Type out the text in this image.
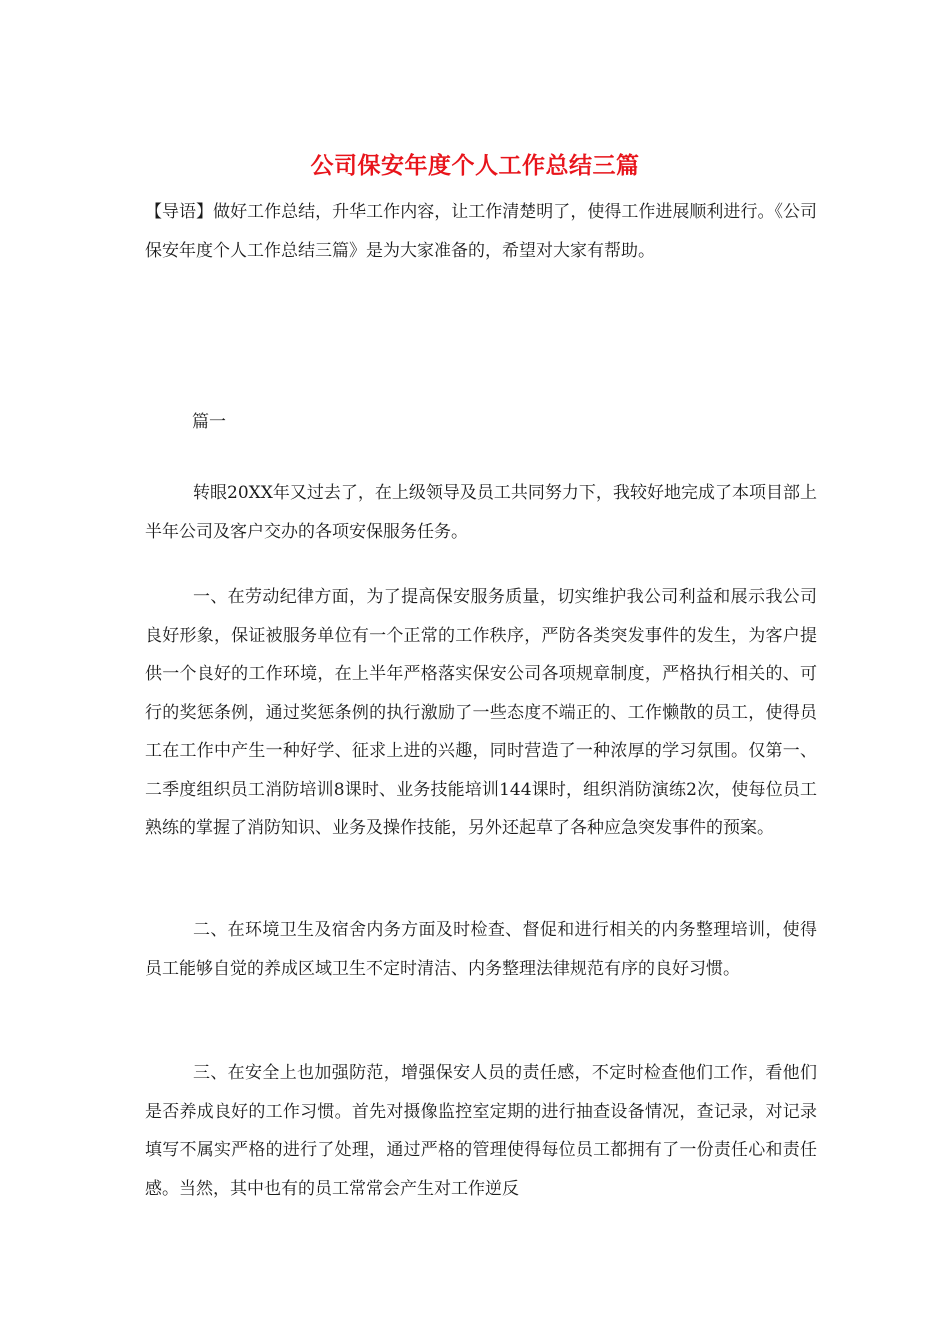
公司保安年度个人工作总结三篇

【导语】做好工作总结，升华工作内容，让工作清楚明了，使得工作进展顺利进行。《公司保安年度个人工作总结三篇》是为大家准备的，希望对大家有帮助。

篇一

转眼20XX年又过去了，在上级领导及员工共同努力下，我较好地完成了本项目部上半年公司及客户交办的各项安保服务任务。

一、在劳动纪律方面，为了提高保安服务质量，切实维护我公司利益和展示我公司良好形象，保证被服务单位有一个正常的工作秩序，严防各类突发事件的发生，为客户提供一个良好的工作环境，在上半年严格落实保安公司各项规章制度，严格执行相关的、可行的奖惩条例，通过奖惩条例的执行激励了一些态度不端正的、工作懒散的员工，使得员工在工作中产生一种好学、征求上进的兴趣，同时营造了一种浓厚的学习氛围。仅第一、二季度组织员工消防培训8课时、业务技能培训144课时，组织消防演练2次，使每位员工熟练的掌握了消防知识、业务及操作技能，另外还起草了各种应急突发事件的预案。

二、在环境卫生及宿舍内务方面及时检查、督促和进行相关的内务整理培训，使得员工能够自觉的养成区域卫生不定时清洁、内务整理法律规范有序的良好习惯。

三、在安全上也加强防范，增强保安人员的责任感，不定时检查他们工作，看他们是否养成良好的工作习惯。首先对摄像监控室定期的进行抽查设备情况，查记录，对记录填写不属实严格的进行了处理，通过严格的管理使得每位员工都拥有了一份责任心和责任感。当然，其中也有的员工常常会产生对工作逆反
